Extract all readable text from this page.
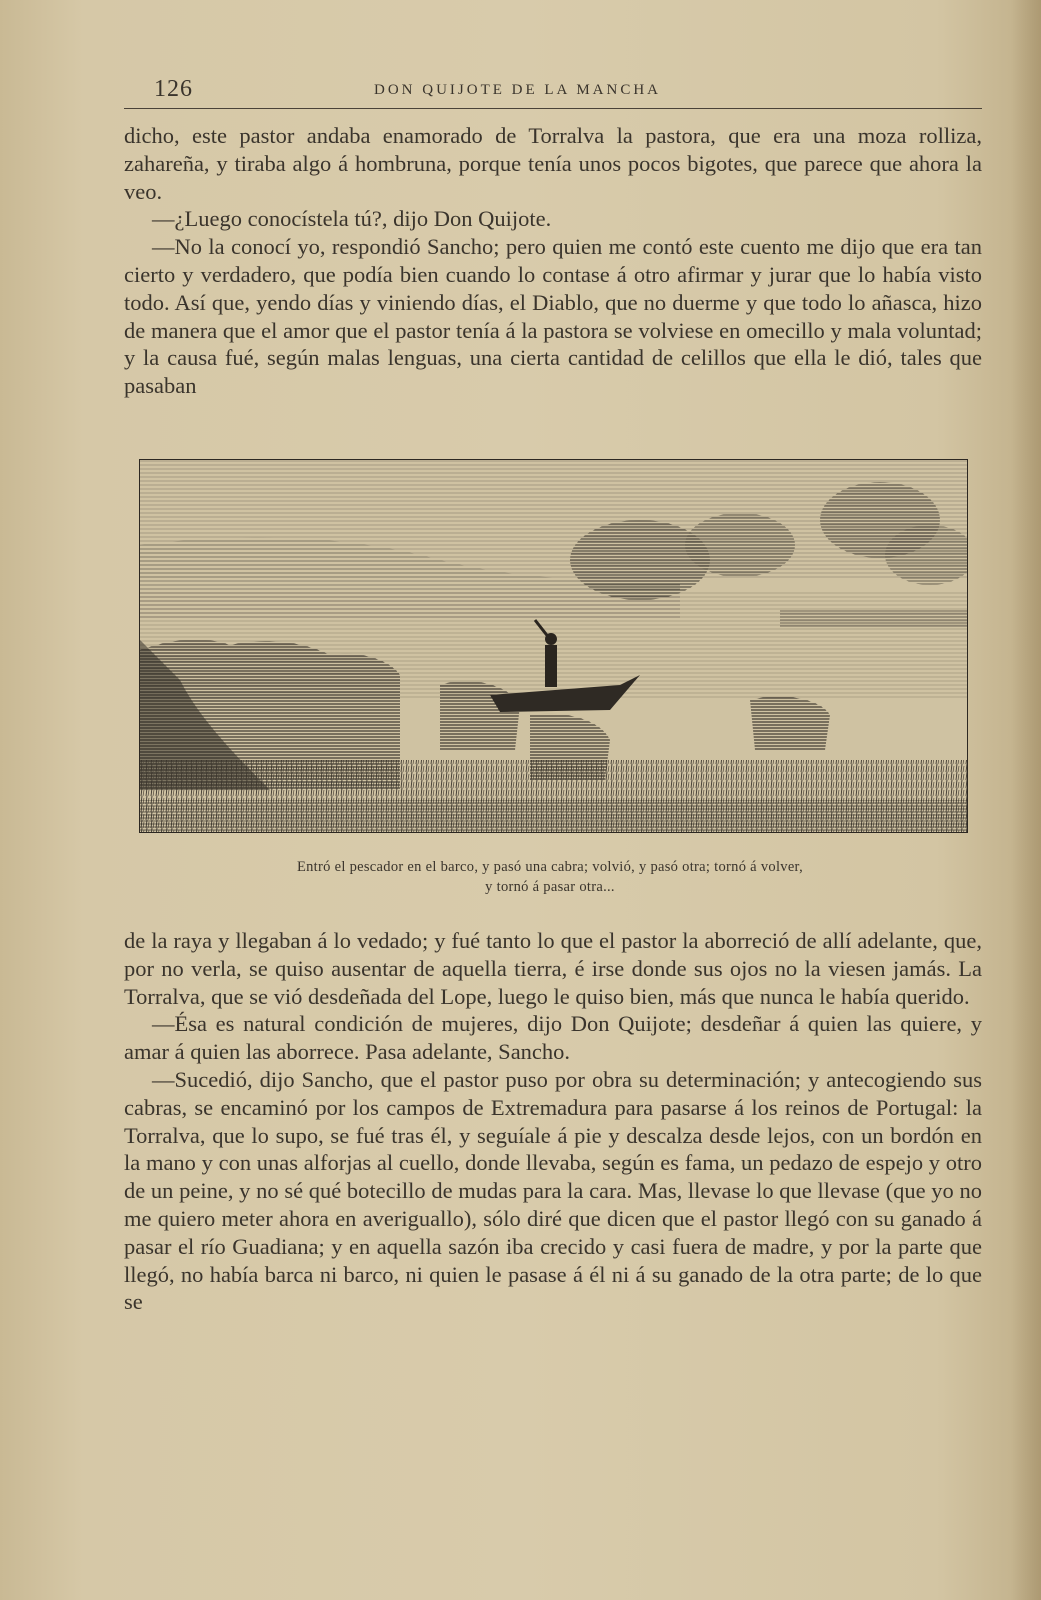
126	DON QUIJOTE DE LA MANCHA

dicho, este pastor andaba enamorado de Torralva la pastora, que era una moza rolliza, zahareña, y tiraba algo á hombruna, porque tenía unos pocos bigotes, que parece que ahora la veo.

—¿Luego conocístela tú?, dijo Don Quijote.

—No la conocí yo, respondió Sancho; pero quien me contó este cuento me dijo que era tan cierto y verdadero, que podía bien cuando lo contase á otro afirmar y jurar que lo había visto todo. Así que, yendo días y viniendo días, el Diablo, que no duerme y que todo lo añasca, hizo de manera que el amor que el pastor tenía á la pastora se volviese en omecillo y mala voluntad; y la causa fué, según malas lenguas, una cierta cantidad de celillos que ella le dió, tales que pasaban

Entró el pescador en el barco, y pasó una cabra; volvió, y pasó otra; tornó á volver,
y tornó á pasar otra...

de la raya y llegaban á lo vedado; y fué tanto lo que el pastor la aborreció de allí adelante, que, por no verla, se quiso ausentar de aquella tierra, é irse donde sus ojos no la viesen jamás. La Torralva, que se vió desdeñada del Lope, luego le quiso bien, más que nunca le había querido.

—Ésa es natural condición de mujeres, dijo Don Quijote; desdeñar á quien las quiere, y amar á quien las aborrece. Pasa adelante, Sancho.

—Sucedió, dijo Sancho, que el pastor puso por obra su determinación; y antecogiendo sus cabras, se encaminó por los campos de Extremadura para pasarse á los reinos de Portugal: la Torralva, que lo supo, se fué tras él, y seguíale á pie y descalza desde lejos, con un bordón en la mano y con unas alforjas al cuello, donde llevaba, según es fama, un pedazo de espejo y otro de un peine, y no sé qué botecillo de mudas para la cara. Mas, llevase lo que llevase (que yo no me quiero meter ahora en averiguallo), sólo diré que dicen que el pastor llegó con su ganado á pasar el río Guadiana; y en aquella sazón iba crecido y casi fuera de madre, y por la parte que llegó, no había barca ni barco, ni quien le pasase á él ni á su ganado de la otra parte; de lo que se
